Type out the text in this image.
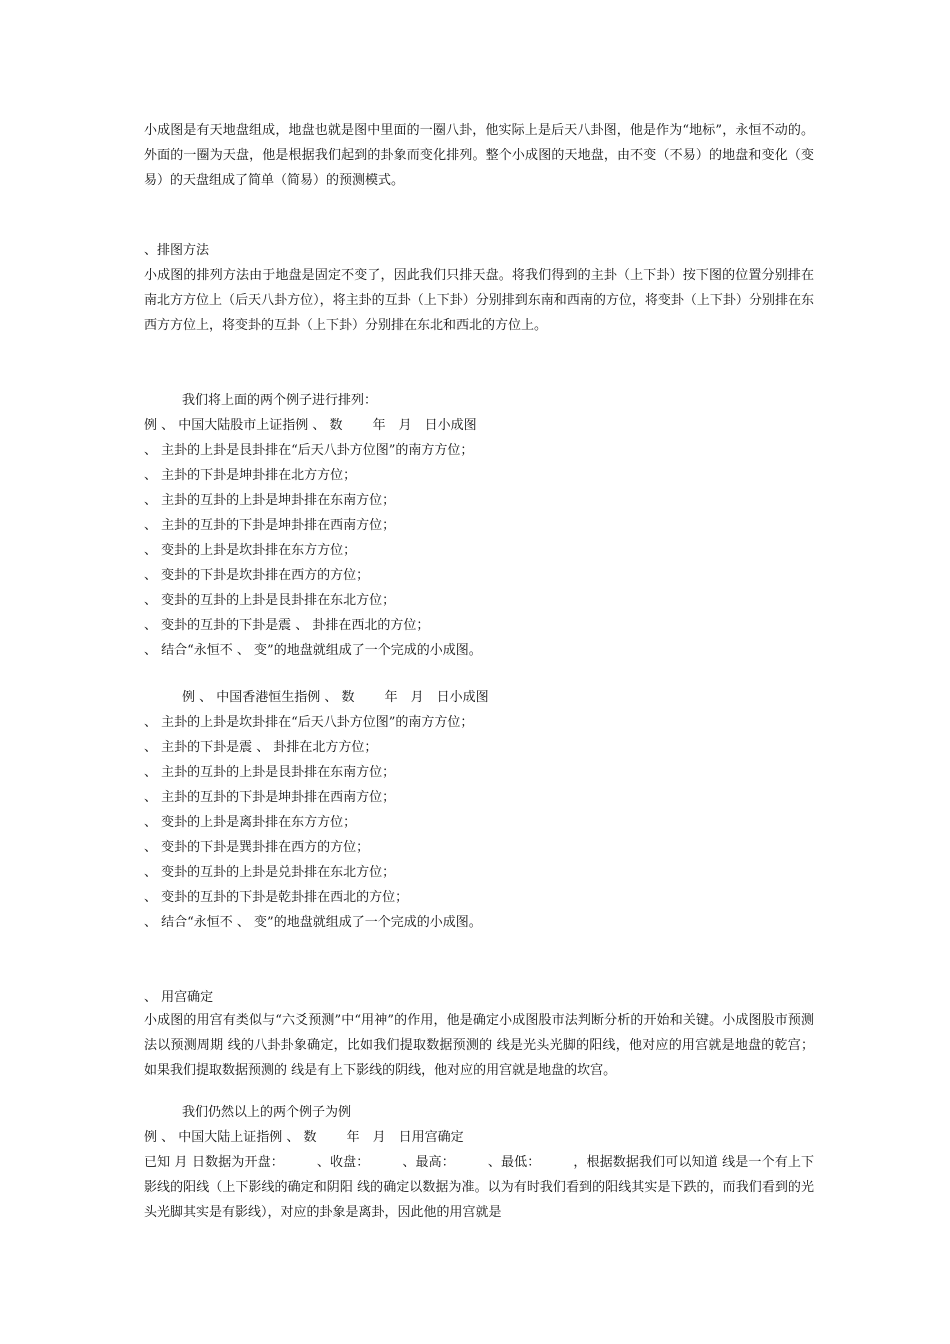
小成图是有天地盘组成，地盘也就是图中里面的一圈八卦，他实际上是后天八卦图，他是作为“地标”，永恒不动的。外面的一圈为天盘，他是根据我们起到的卦象而变化排列。整个小成图的天地盘，由不变（不易）的地盘和变化（变易）的天盘组成了简单（简易）的预测模式。
、排图方法
小成图的排列方法由于地盘是固定不变了，因此我们只排天盘。将我们得到的主卦（上下卦）按下图的位置分别排在南北方方位上（后天八卦方位），将主卦的互卦（上下卦）分别排到东南和西南的方位，将变卦（上下卦）分别排在东西方方位上，将变卦的互卦（上下卦）分别排在东北和西北的方位上。
我们将上面的两个例子进行排列：
例 、 中国大陆股市上证指例 、 数　　 年　月　日小成图
、 主卦的上卦是艮卦排在“后天八卦方位图”的南方方位；
、 主卦的下卦是坤卦排在北方方位；
、 主卦的互卦的上卦是坤卦排在东南方位；
、 主卦的互卦的下卦是坤卦排在西南方位；
、 变卦的上卦是坎卦排在东方方位；
、 变卦的下卦是坎卦排在西方的方位；
、 变卦的互卦的上卦是艮卦排在东北方位；
、 变卦的互卦的下卦是震 、 卦排在西北的方位；
、 结合“永恒不 、 变”的地盘就组成了一个完成的小成图。
例 、 中国香港恒生指例 、 数　　 年　月　日小成图
、 主卦的上卦是坎卦排在“后天八卦方位图”的南方方位；
、 主卦的下卦是震 、 卦排在北方方位；
、 主卦的互卦的上卦是艮卦排在东南方位；
、 主卦的互卦的下卦是坤卦排在西南方位；
、 变卦的上卦是离卦排在东方方位；
、 变卦的下卦是巽卦排在西方的方位；
、 变卦的互卦的上卦是兑卦排在东北方位；
、 变卦的互卦的下卦是乾卦排在西北的方位；
、 结合“永恒不 、 变”的地盘就组成了一个完成的小成图。
、 用宫确定
小成图的用宫有类似与“六爻预测”中“用神”的作用，他是确定小成图股市法判断分析的开始和关键。小成图股市预测法以预测周期 线的八卦卦象确定，比如我们提取数据预测的 线是光头光脚的阳线，他对应的用宫就是地盘的乾宫；如果我们提取数据预测的 线是有上下影线的阴线，他对应的用宫就是地盘的坎宫。
我们仍然以上的两个例子为例
例 、 中国大陆上证指例 、 数　　 年　月　日用宫确定
已知 月 日数据为开盘：　　　、收盘：　　　、最高：　　　、最低：　　　，根据数据我们可以知道 线是一个有上下影线的阳线（上下影线的确定和阴阳 线的确定以数据为准。以为有时我们看到的阳线其实是下跌的，而我们看到的光头光脚其实是有影线），对应的卦象是离卦，因此他的用宫就是
